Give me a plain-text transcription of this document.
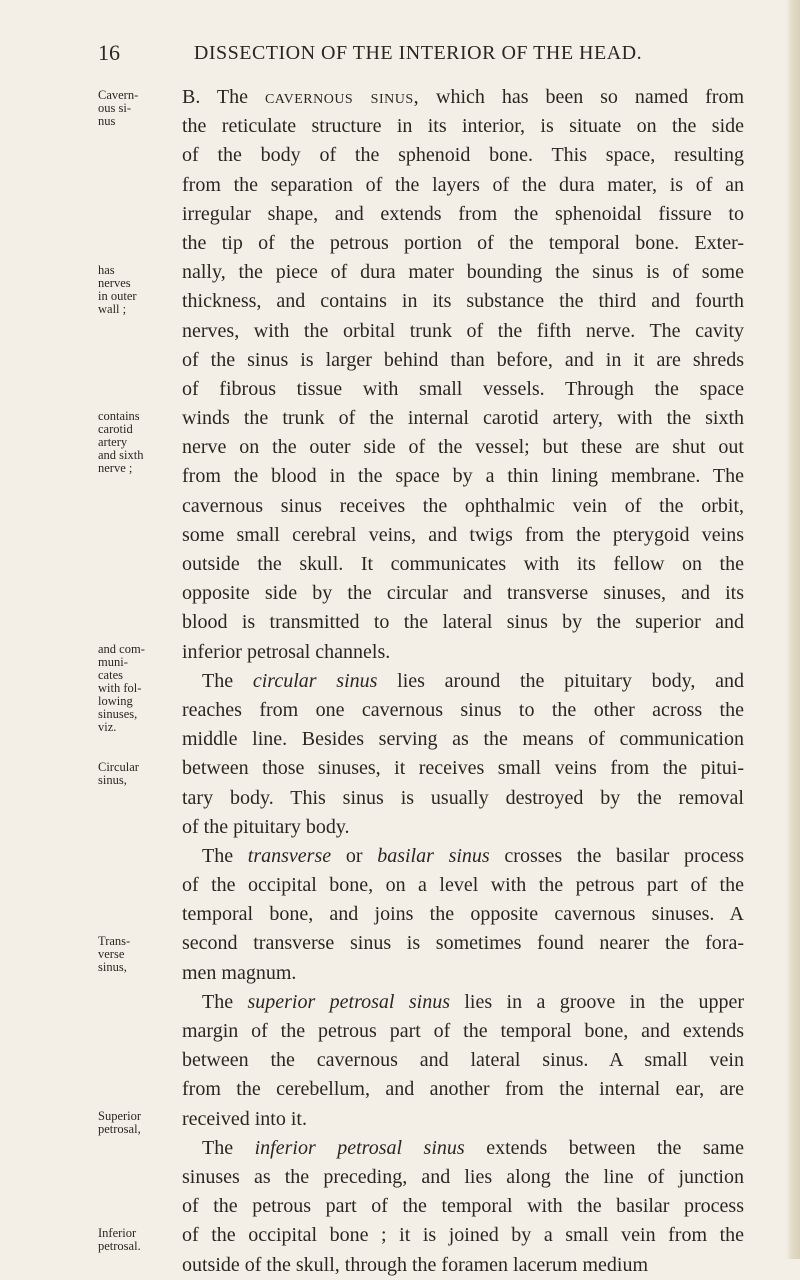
16	DISSECTION OF THE INTERIOR OF THE HEAD.
Cavern-
ous si-
nus
has
nerves
in outer
wall ;
contains
carotid
artery
and sixth
nerve ;
and com-
muni-
cates
with fol-
lowing
sinuses,
viz.
Circular
sinus,
Trans-
verse
sinus,
Superior
petrosal,
Inferior
petrosal.
B. The cavernous sinus, which has been so named from
the reticulate structure in its interior, is situate on the side
of the body of the sphenoid bone. This space, resulting
from the separation of the layers of the dura mater, is of an
irregular shape, and extends from the sphenoidal fissure to
the tip of the petrous portion of the temporal bone. Exter-
nally, the piece of dura mater bounding the sinus is of some
thickness, and contains in its substance the third and fourth
nerves, with the orbital trunk of the fifth nerve. The cavity
of the sinus is larger behind than before, and in it are shreds
of fibrous tissue with small vessels. Through the space
winds the trunk of the internal carotid artery, with the sixth
nerve on the outer side of the vessel; but these are shut out
from the blood in the space by a thin lining membrane. The
cavernous sinus receives the ophthalmic vein of the orbit,
some small cerebral veins, and twigs from the pterygoid veins
outside the skull. It communicates with its fellow on the
opposite side by the circular and transverse sinuses, and its
blood is transmitted to the lateral sinus by the superior and
inferior petrosal channels.
 The circular sinus lies around the pituitary body, and
reaches from one cavernous sinus to the other across the
middle line. Besides serving as the means of communication
between those sinuses, it receives small veins from the pitui-
tary body. This sinus is usually destroyed by the removal
of the pituitary body.
 The transverse or basilar sinus crosses the basilar process
of the occipital bone, on a level with the petrous part of the
temporal bone, and joins the opposite cavernous sinuses. A
second transverse sinus is sometimes found nearer the fora-
men magnum.
 The superior petrosal sinus lies in a groove in the upper
margin of the petrous part of the temporal bone, and extends
between the cavernous and lateral sinus. A small vein
from the cerebellum, and another from the internal ear, are
received into it.
 The inferior petrosal sinus extends between the same
sinuses as the preceding, and lies along the line of junction
of the petrous part of the temporal with the basilar process
of the occipital bone ; it is joined by a small vein from the
outside of the skull, through the foramen lacerum medium
